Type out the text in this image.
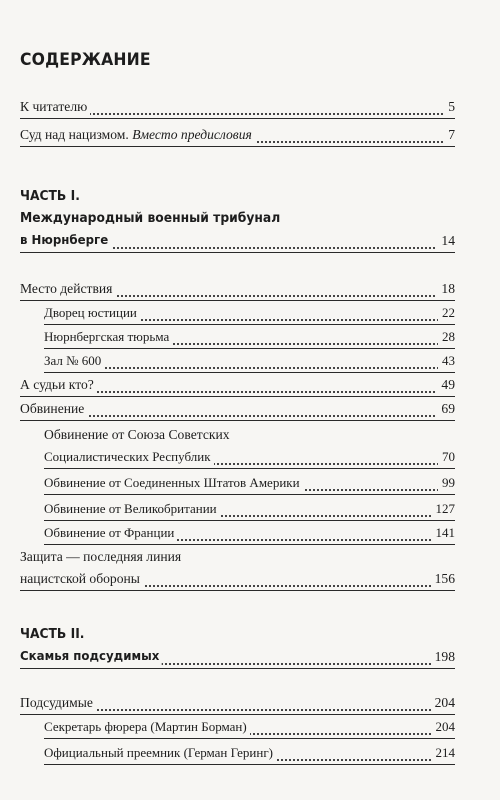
СОДЕРЖАНИЕ
К читателю	5
Суд над нацизмом. Вместо предисловия	7
ЧАСТЬ I.
Международный военный трибунал
в Нюрнберге	14
Место действия	18
Дворец юстиции	22
Нюрнбергская тюрьма	28
Зал № 600	43
А судьи кто?	49
Обвинение	69
Обвинение от Союза Советских
Социалистических Республик	70
Обвинение от Соединенных Штатов Америки	99
Обвинение от Великобритании	127
Обвинение от Франции	141
Защита — последняя линия
нацистской обороны	156
ЧАСТЬ II.
Скамья подсудимых	198
Подсудимые	204
Секретарь фюрера (Мартин Борман)	204
Официальный преемник (Герман Геринг)	214
